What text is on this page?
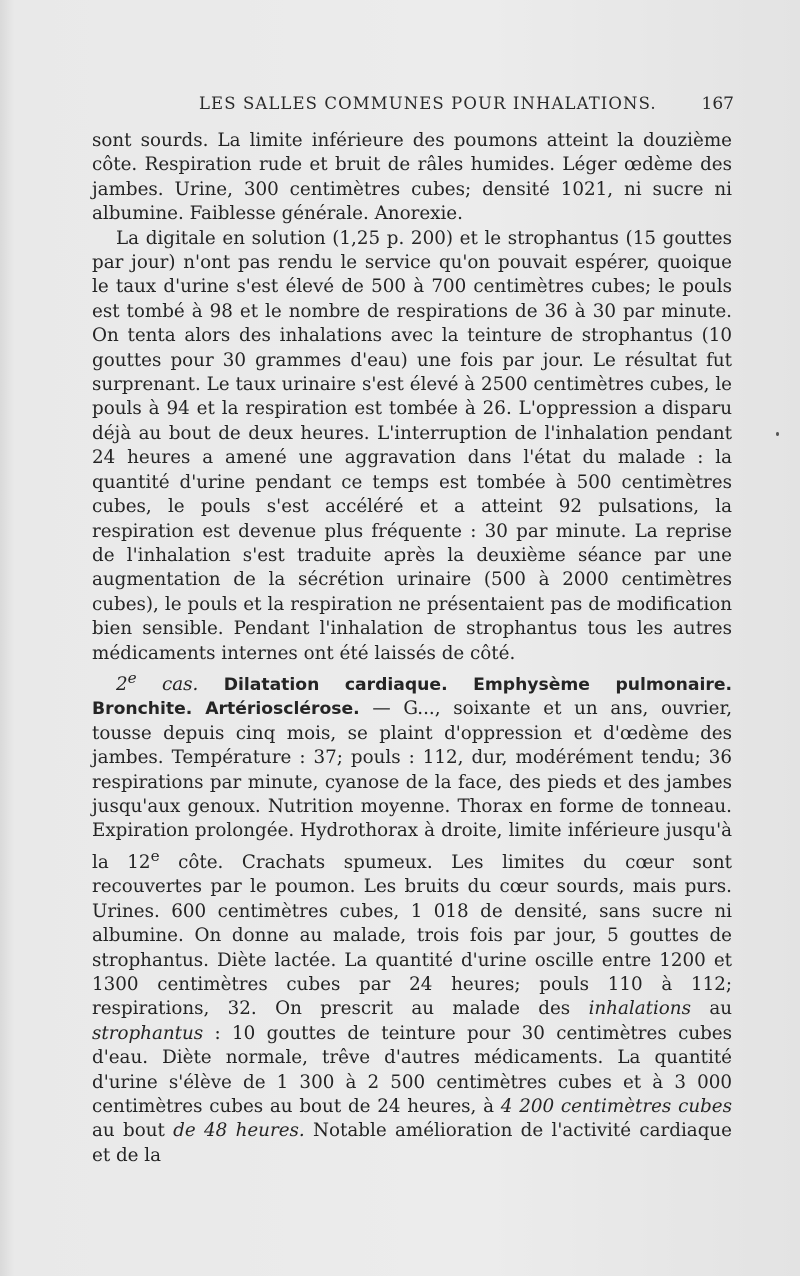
LES SALLES COMMUNES POUR INHALATIONS.	167

sont sourds. La limite inférieure des poumons atteint la douzième côte. Respiration rude et bruit de râles humides. Léger œdème des jambes. Urine, 300 centimètres cubes; densité 1021, ni sucre ni albumine. Faiblesse générale. Anorexie.

La digitale en solution (1,25 p. 200) et le strophantus (15 gouttes par jour) n'ont pas rendu le service qu'on pouvait espérer, quoique le taux d'urine s'est élevé de 500 à 700 centimètres cubes; le pouls est tombé à 98 et le nombre de respirations de 36 à 30 par minute. On tenta alors des inhalations avec la teinture de strophantus (10 gouttes pour 30 grammes d'eau) une fois par jour. Le résultat fut surprenant. Le taux urinaire s'est élevé à 2500 centimètres cubes, le pouls à 94 et la respiration est tombée à 26. L'oppression a disparu déjà au bout de deux heures. L'interruption de l'inhalation pendant 24 heures a amené une aggravation dans l'état du malade : la quantité d'urine pendant ce temps est tombée à 500 centimètres cubes, le pouls s'est accéléré et a atteint 92 pulsations, la respiration est devenue plus fréquente : 30 par minute. La reprise de l'inhalation s'est traduite après la deuxième séance par une augmentation de la sécrétion urinaire (500 à 2000 centimètres cubes), le pouls et la respiration ne présentaient pas de modification bien sensible. Pendant l'inhalation de strophantus tous les autres médicaments internes ont été laissés de côté.

2e cas. Dilatation cardiaque. Emphysème pulmonaire. Bronchite. Artériosclérose. — G..., soixante et un ans, ouvrier, tousse depuis cinq mois, se plaint d'oppression et d'œdème des jambes. Température : 37; pouls : 112, dur, modérément tendu; 36 respirations par minute, cyanose de la face, des pieds et des jambes jusqu'aux genoux. Nutrition moyenne. Thorax en forme de tonneau. Expiration prolongée. Hydrothorax à droite, limite inférieure jusqu'à la 12e côte. Crachats spumeux. Les limites du cœur sont recouvertes par le poumon. Les bruits du cœur sourds, mais purs. Urines. 600 centimètres cubes, 1 018 de densité, sans sucre ni albumine. On donne au malade, trois fois par jour, 5 gouttes de strophantus. Diète lactée. La quantité d'urine oscille entre 1200 et 1300 centimètres cubes par 24 heures; pouls 110 à 112; respirations, 32. On prescrit au malade des inhalations au strophantus : 10 gouttes de teinture pour 30 centimètres cubes d'eau. Diète normale, trêve d'autres médicaments. La quantité d'urine s'élève de 1 300 à 2 500 centimètres cubes et à 3 000 centimètres cubes au bout de 24 heures, à 4 200 centimètres cubes au bout de 48 heures. Notable amélioration de l'activité cardiaque et de la
